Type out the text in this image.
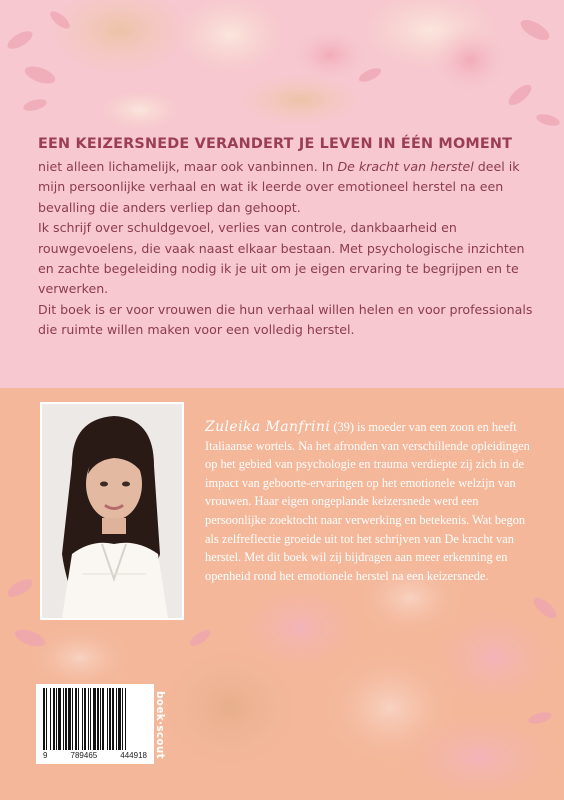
EEN KEIZERSNEDE VERANDERT JE LEVEN IN ÉÉN MOMENT

niet alleen lichamelijk, maar ook vanbinnen. In De kracht van herstel deel ik mijn persoonlijke verhaal en wat ik leerde over emotioneel herstel na een bevalling die anders verliep dan gehoopt.

Ik schrijf over schuldgevoel, verlies van controle, dankbaarheid en rouwgevoelens, die vaak naast elkaar bestaan. Met psychologische inzichten en zachte begeleiding nodig ik je uit om je eigen ervaring te begrijpen en te verwerken.

Dit boek is er voor vrouwen die hun verhaal willen helen en voor professionals die ruimte willen maken voor een volledig herstel.

Zuleika Manfrini (39) is moeder van een zoon en heeft Italiaanse wortels. Na het afronden van verschillende opleidingen op het gebied van psychologie en trauma verdiepte zij zich in de impact van geboorte-ervaringen op het emotionele welzijn van vrouwen. Haar eigen ongeplande keizersnede werd een persoonlijke zoektocht naar verwerking en betekenis. Wat begon als zelfreflectie groeide uit tot het schrijven van De kracht van herstel. Met dit boek wil zij bijdragen aan meer erkenning en openheid rond het emotionele herstel na een keizersnede.
9	789465	444918 boek·scout
